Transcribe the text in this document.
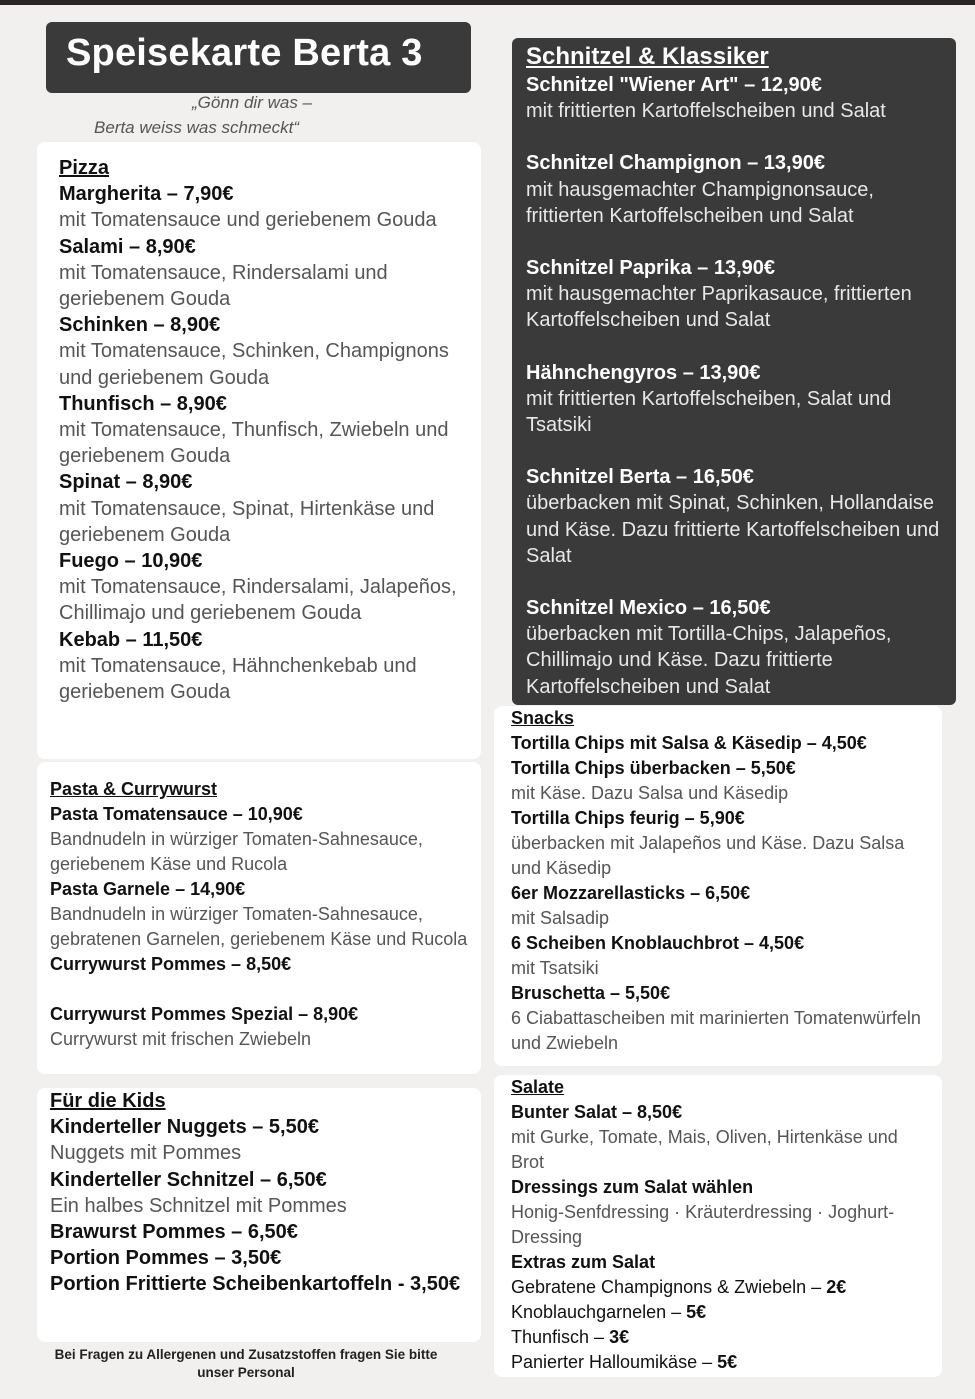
Speisekarte Berta 3
„Gönn dir was –
Berta weiss was schmeckt“
Pizza
Margherita – 7,90€
mit Tomatensauce und geriebenem Gouda
Salami – 8,90€
mit Tomatensauce, Rindersalami und geriebenem Gouda
Schinken – 8,90€
mit Tomatensauce, Schinken, Champignons und geriebenem Gouda
Thunfisch – 8,90€
mit Tomatensauce, Thunfisch, Zwiebeln und geriebenem Gouda
Spinat – 8,90€
mit Tomatensauce, Spinat, Hirtenkäse und geriebenem Gouda
Fuego – 10,90€
mit Tomatensauce, Rindersalami, Jalapeños, Chillimajo und geriebenem Gouda
Kebab – 11,50€
mit Tomatensauce, Hähnchenkebab und geriebenem Gouda
Schnitzel & Klassiker
Schnitzel "Wiener Art" – 12,90€
mit frittierten Kartoffelscheiben und Salat
Schnitzel Champignon – 13,90€
mit hausgemachter Champignonsauce, frittierten Kartoffelscheiben und Salat
Schnitzel Paprika – 13,90€
mit hausgemachter Paprikasauce, frittierten Kartoffelscheiben und Salat
Hähnchengyros – 13,90€
mit frittierten Kartoffelscheiben, Salat und Tsatsiki
Schnitzel Berta – 16,50€
überbacken mit Spinat, Schinken, Hollandaise und Käse. Dazu frittierte Kartoffelscheiben und Salat
Schnitzel Mexico – 16,50€
überbacken mit Tortilla-Chips, Jalapeños, Chillimajo und Käse. Dazu frittierte Kartoffelscheiben und Salat
Pasta & Currywurst
Pasta Tomatensauce – 10,90€
Bandnudeln in würziger Tomaten-Sahnesauce, geriebenem Käse und Rucola
Pasta Garnele – 14,90€
Bandnudeln in würziger Tomaten-Sahnesauce, gebratenen Garnelen, geriebenem Käse und Rucola
Currywurst Pommes – 8,50€
Currywurst Pommes Spezial – 8,90€
Currywurst mit frischen Zwiebeln
Snacks
Tortilla Chips mit Salsa & Käsedip – 4,50€
Tortilla Chips überbacken – 5,50€
mit Käse. Dazu Salsa und Käsedip
Tortilla Chips feurig – 5,90€
überbacken mit Jalapeños und Käse. Dazu Salsa und Käsedip
6er Mozzarellasticks – 6,50€
mit Salsadip
6 Scheiben Knoblauchbrot – 4,50€
mit Tsatsiki
Bruschetta – 5,50€
6 Ciabattascheiben mit marinierten Tomatenwürfeln und Zwiebeln
Für die Kids
Kinderteller Nuggets – 5,50€
Nuggets mit Pommes
Kinderteller Schnitzel – 6,50€
Ein halbes Schnitzel mit Pommes
Brawurst Pommes – 6,50€
Portion Pommes – 3,50€
Portion Frittierte Scheibenkartoffeln - 3,50€
Salate
Bunter Salat – 8,50€
mit Gurke, Tomate, Mais, Oliven, Hirtenkäse und Brot
Dressings zum Salat wählen
Honig-Senfdressing · Kräuterdressing · Joghurt-Dressing
Extras zum Salat
Gebratene Champignons & Zwiebeln – 2€
Knoblauchgarnelen – 5€
Thunfisch – 3€
Panierter Halloumikäse – 5€
Bei Fragen zu Allergenen und Zusatzstoffen fragen Sie bitte unser Personal
